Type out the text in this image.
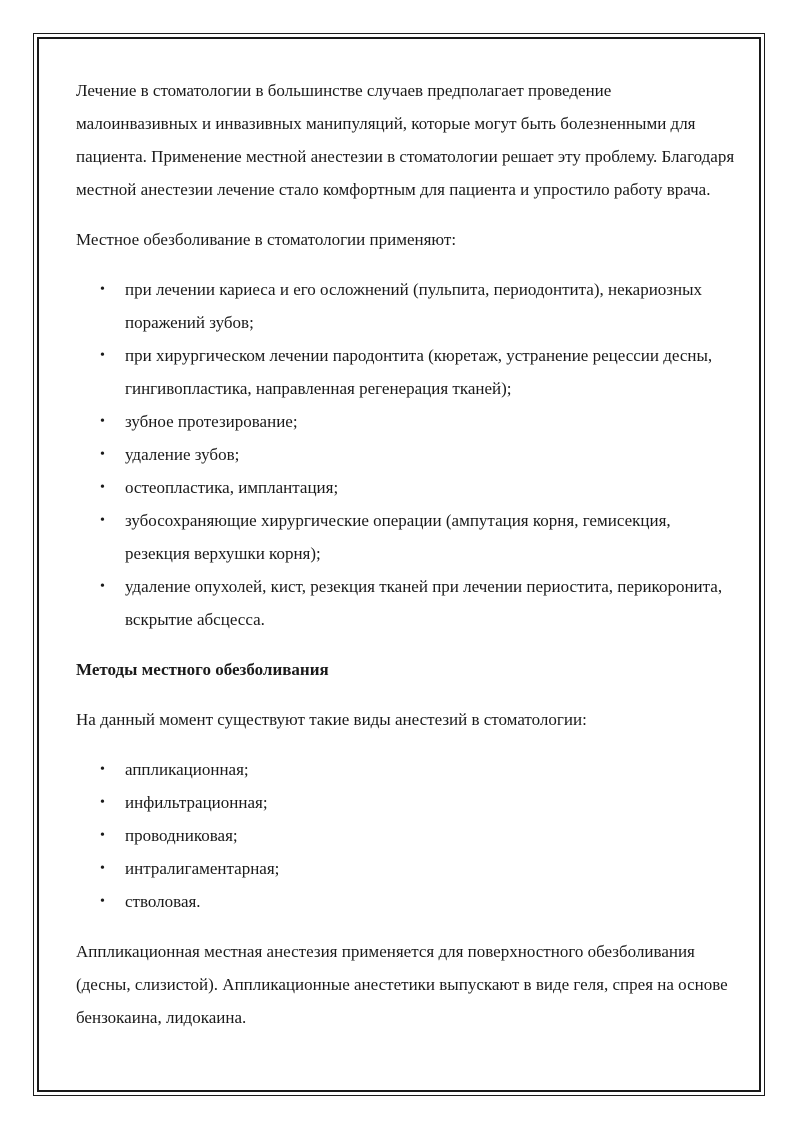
Лечение в стоматологии в большинстве случаев предполагает проведение малоинвазивных и инвазивных манипуляций, которые могут быть болезненными для пациента. Применение местной анестезии в стоматологии решает эту проблему. Благодаря местной анестезии лечение стало комфортным для пациента и упростило работу врача.

Местное обезболивание в стоматологии применяют:

• при лечении кариеса и его осложнений (пульпита, периодонтита), некариозных поражений зубов;
• при хирургическом лечении пародонтита (кюретаж, устранение рецессии десны, гингивопластика, направленная регенерация тканей);
• зубное протезирование;
• удаление зубов;
• остеопластика, имплантация;
• зубосохраняющие хирургические операции (ампутация корня, гемисекция, резекция верхушки корня);
• удаление опухолей, кист, резекция тканей при лечении периостита, перикоронита, вскрытие абсцесса.

Методы местного обезболивания

На данный момент существуют такие виды анестезий в стоматологии:

• аппликационная;
• инфильтрационная;
• проводниковая;
• интралигаментарная;
• стволовая.

Аппликационная местная анестезия применяется для поверхностного обезболивания (десны, слизистой). Аппликационные анестетики выпускают в виде геля, спрея на основе бензокаина, лидокаина.
